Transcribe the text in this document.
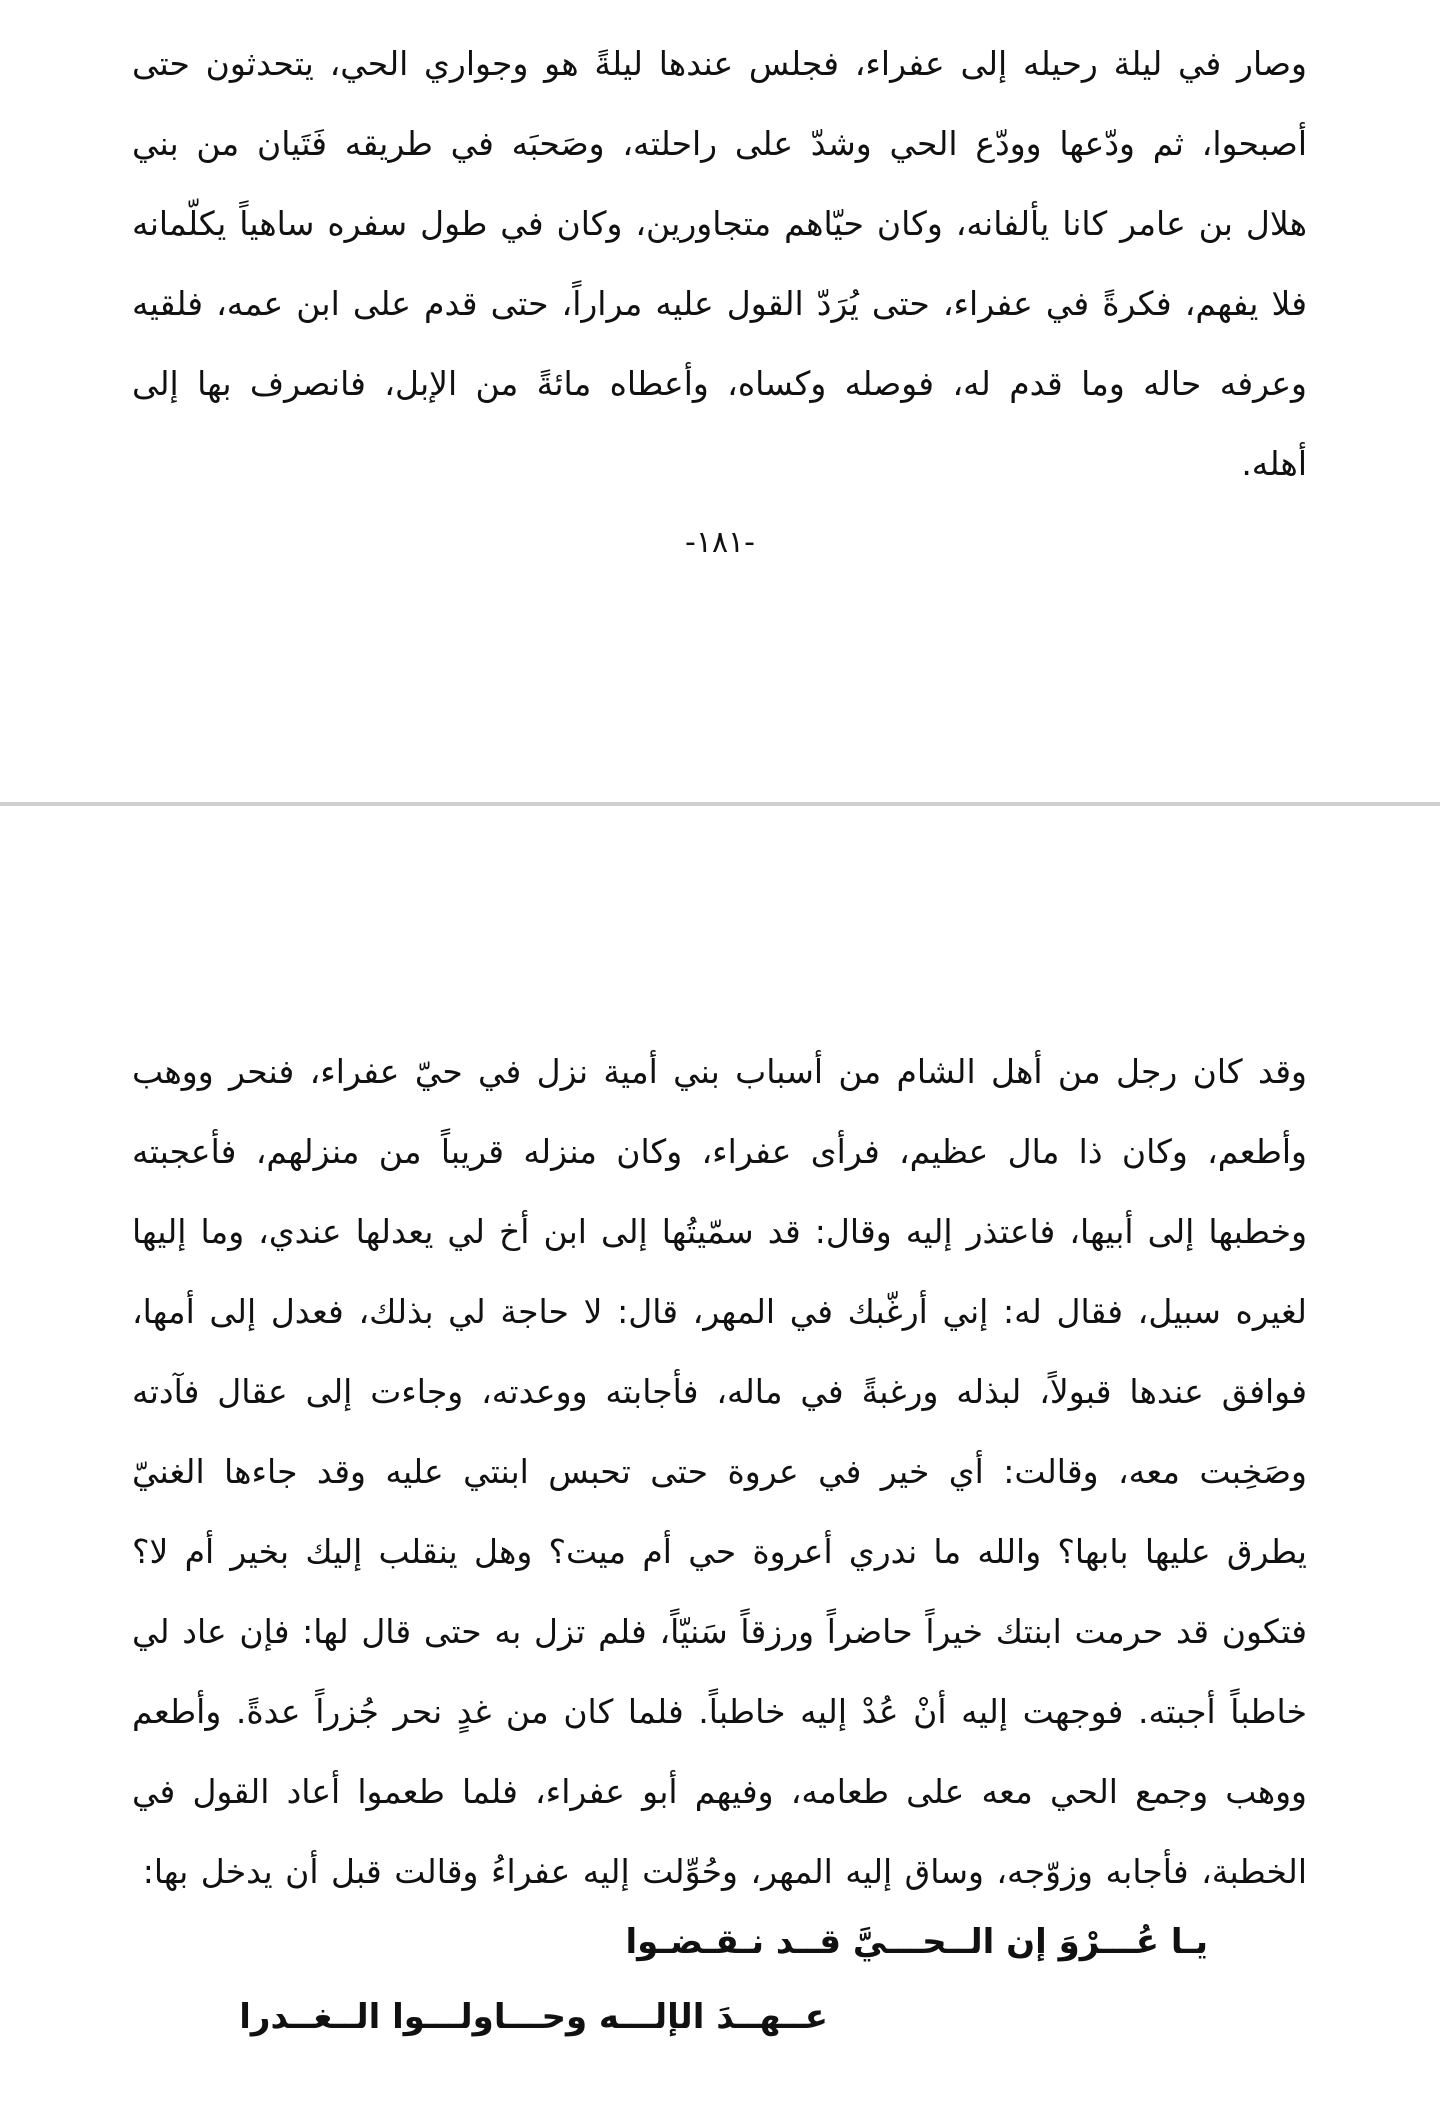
وصار في ليلة رحيله إلى عفراء، فجلس عندها ليلةً هو وجواري الحي، يتحدثون حتى أصبحوا، ثم ودّعها وودّع الحي وشدّ على راحلته، وصَحبَه في طريقه فَتَيان من بني هلال بن عامر كانا يألفانه، وكان حيّاهم متجاورين، وكان في طول سفره ساهياً يكلّمانه فلا يفهم، فكرةً في عفراء، حتى يُرَدّ القول عليه مراراً، حتى قدم على ابن عمه، فلقيه وعرفه حاله وما قدم له، فوصله وكساه، وأعطاه مائةً من الإبل، فانصرف بها إلى أهله.

-١٨١-

وقد كان رجل من أهل الشام من أسباب بني أمية نزل في حيّ عفراء، فنحر ووهب وأطعم، وكان ذا مال عظيم، فرأى عفراء، وكان منزله قريباً من منزلهم، فأعجبته وخطبها إلى أبيها، فاعتذر إليه وقال: قد سمّيتُها إلى ابن أخ لي يعدلها عندي، وما إليها لغيره سبيل، فقال له: إني أرغّبك في المهر، قال: لا حاجة لي بذلك، فعدل إلى أمها، فوافق عندها قبولاً، لبذله ورغبةً في ماله، فأجابته ووعدته، وجاءت إلى عقال فآدته وصَخِبت معه، وقالت: أي خير في عروة حتى تحبس ابنتي عليه وقد جاءها الغنيّ يطرق عليها بابها؟ والله ما ندري أعروة حي أم ميت؟ وهل ينقلب إليك بخير أم لا؟ فتكون قد حرمت ابنتك خيراً حاضراً ورزقاً سَنيّاً، فلم تزل به حتى قال لها: فإن عاد لي خاطباً أجبته. فوجهت إليه أنْ عُدْ إليه خاطباً. فلما كان من غدٍ نحر جُزراً عدةً. وأطعم ووهب وجمع الحي معه على طعامه، وفيهم أبو عفراء، فلما طعموا أعاد القول في الخطبة، فأجابه وزوّجه، وساق إليه المهر، وحُوِّلت إليه عفراءُ وقالت قبل أن يدخل بها:

يـا عُـــرْوَ إن الــحـــيَّ قــد نـقـضـوا

عــهــدَ الإلـــه وحـــاولـــوا الــغــدرا
